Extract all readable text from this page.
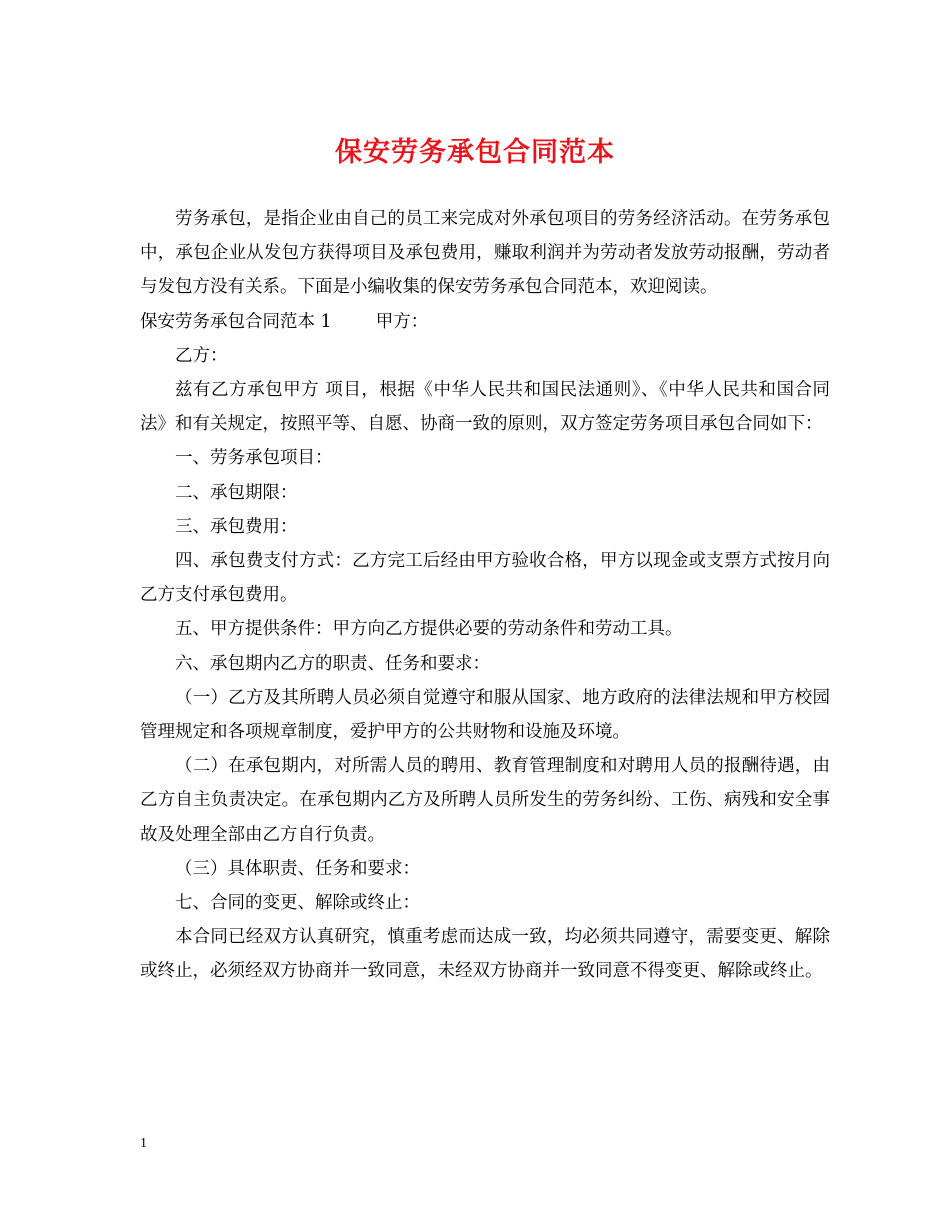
保安劳务承包合同范本

劳务承包，是指企业由自己的员工来完成对外承包项目的劳务经济活动。在劳务承包中，承包企业从发包方获得项目及承包费用，赚取利润并为劳动者发放劳动报酬，劳动者与发包方没有关系。下面是小编收集的保安劳务承包合同范本，欢迎阅读。

保安劳务承包合同范本 1	甲方：

乙方：

兹有乙方承包甲方 项目，根据《中华人民共和国民法通则》、《中华人民共和国合同法》和有关规定，按照平等、自愿、协商一致的原则，双方签定劳务项目承包合同如下：

一、劳务承包项目：

二、承包期限：

三、承包费用：

四、承包费支付方式：乙方完工后经由甲方验收合格，甲方以现金或支票方式按月向乙方支付承包费用。

五、甲方提供条件：甲方向乙方提供必要的劳动条件和劳动工具。

六、承包期内乙方的职责、任务和要求：

（一）乙方及其所聘人员必须自觉遵守和服从国家、地方政府的法律法规和甲方校园管理规定和各项规章制度，爱护甲方的公共财物和设施及环境。

（二）在承包期内，对所需人员的聘用、教育管理制度和对聘用人员的报酬待遇，由乙方自主负责决定。在承包期内乙方及所聘人员所发生的劳务纠纷、工伤、病残和安全事故及处理全部由乙方自行负责。

（三）具体职责、任务和要求：

七、合同的变更、解除或终止：

本合同已经双方认真研究，慎重考虑而达成一致，均必须共同遵守，需要变更、解除或终止，必须经双方协商并一致同意，未经双方协商并一致同意不得变更、解除或终止。

1
